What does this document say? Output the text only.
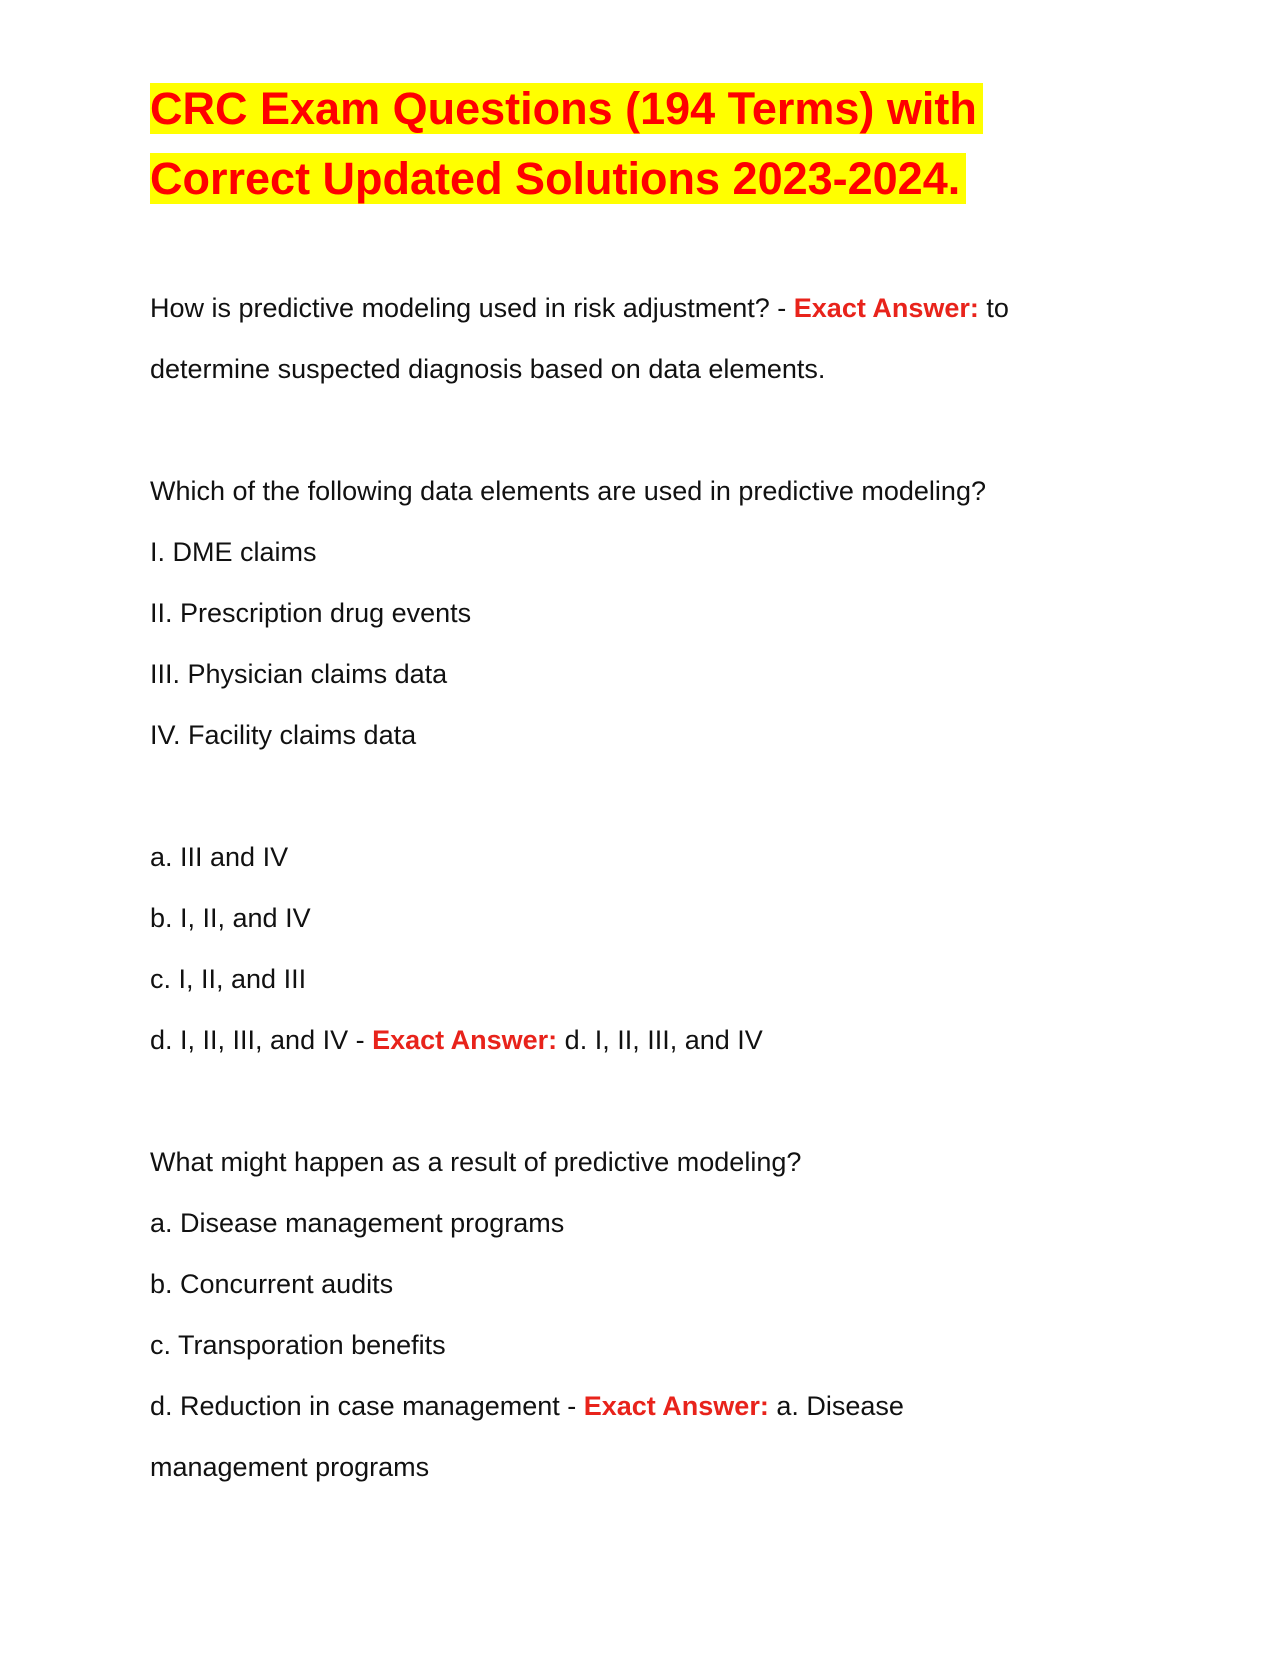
CRC Exam Questions (194 Terms) with
Correct Updated Solutions 2023-2024.

How is predictive modeling used in risk adjustment? - Exact Answer: to

determine suspected diagnosis based on data elements.

Which of the following data elements are used in predictive modeling?

I. DME claims

II. Prescription drug events

III. Physician claims data

IV. Facility claims data

a. III and IV

b. I, II, and IV

c. I, II, and III

d. I, II, III, and IV - Exact Answer: d. I, II, III, and IV

What might happen as a result of predictive modeling?

a. Disease management programs

b. Concurrent audits

c. Transporation benefits

d. Reduction in case management - Exact Answer: a. Disease

management programs
